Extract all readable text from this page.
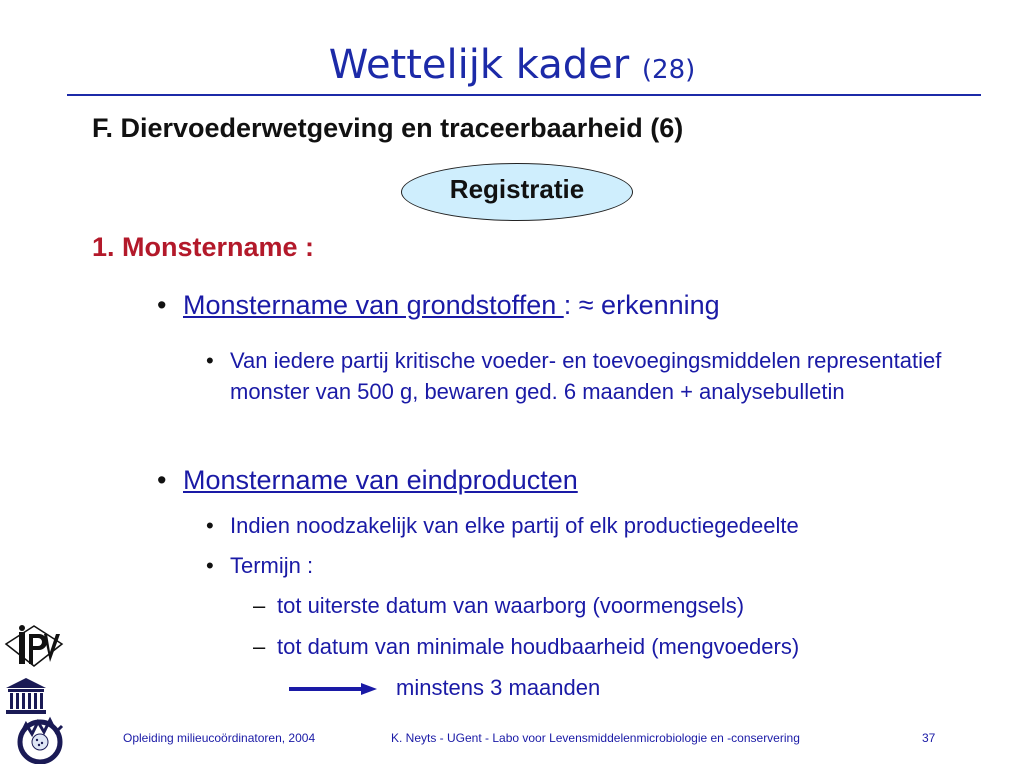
Wettelijk kader (28)
F. Diervoederwetgeving en traceerbaarheid (6)
Registratie
1. Monstername :
• Monstername van grondstoffen : ≈ erkenning
• Van iedere partij kritische voeder- en toevoegingsmiddelen representatief monster van 500 g, bewaren ged. 6 maanden + analysebulletin
• Monstername van eindproducten
• Indien noodzakelijk van elke partij of elk productiegedeelte
• Termijn :
– tot uiterste datum van waarborg (voormengsels)
– tot datum van minimale houdbaarheid (mengvoeders)
minstens 3 maanden
Opleiding milieucoördinatoren, 2004	K. Neyts - UGent - Labo voor Levensmiddelenmicrobiologie en -conservering	37
